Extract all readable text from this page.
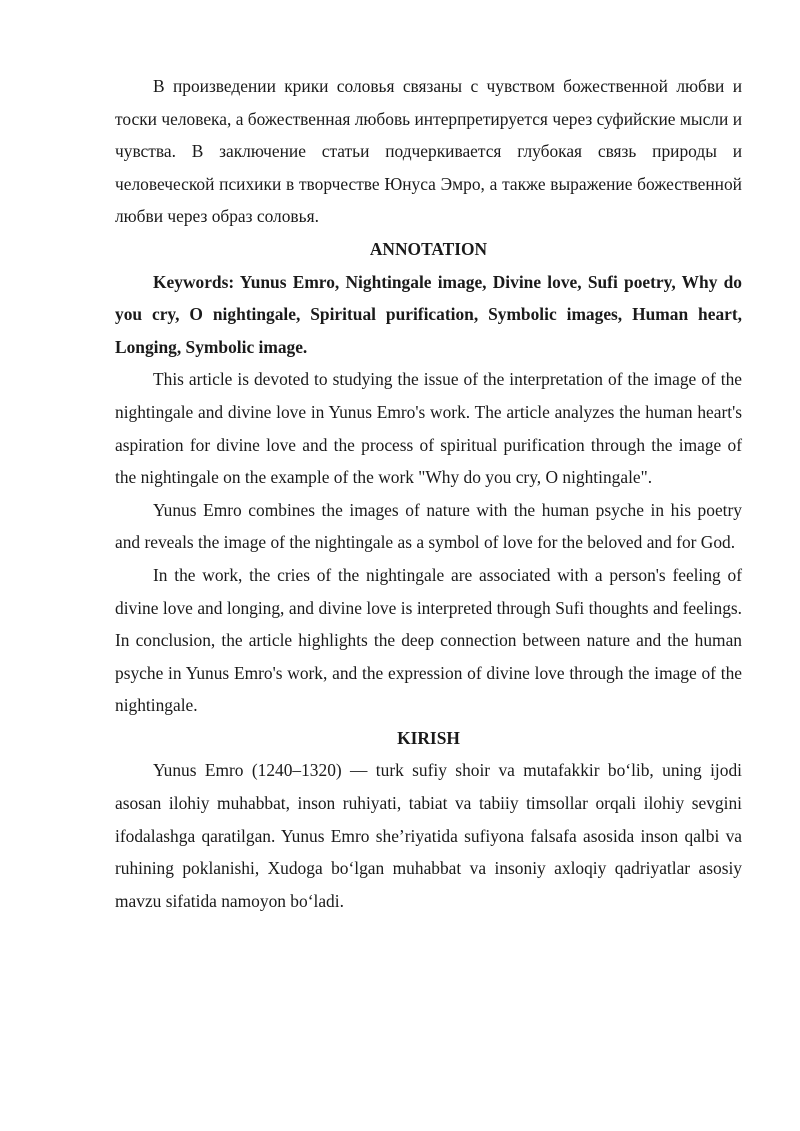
В произведении крики соловья связаны с чувством божественной любви и тоски человека, а божественная любовь интерпретируется через суфийские мысли и чувства. В заключение статьи подчеркивается глубокая связь природы и человеческой психики в творчестве Юнуса Эмро, а также выражение божественной любви через образ соловья.

ANNOTATION

Keywords: Yunus Emro, Nightingale image, Divine love, Sufi poetry, Why do you cry, O nightingale, Spiritual purification, Symbolic images, Human heart, Longing, Symbolic image.

This article is devoted to studying the issue of the interpretation of the image of the nightingale and divine love in Yunus Emro's work. The article analyzes the human heart's aspiration for divine love and the process of spiritual purification through the image of the nightingale on the example of the work "Why do you cry, O nightingale".

Yunus Emro combines the images of nature with the human psyche in his poetry and reveals the image of the nightingale as a symbol of love for the beloved and for God.

In the work, the cries of the nightingale are associated with a person's feeling of divine love and longing, and divine love is interpreted through Sufi thoughts and feelings. In conclusion, the article highlights the deep connection between nature and the human psyche in Yunus Emro's work, and the expression of divine love through the image of the nightingale.

KIRISH

Yunus Emro (1240–1320) — turk sufiy shoir va mutafakkir bo‘lib, uning ijodi asosan ilohiy muhabbat, inson ruhiyati, tabiat va tabiiy timsollar orqali ilohiy sevgini ifodalashga qaratilgan. Yunus Emro she’riyatida sufiyona falsafa asosida inson qalbi va ruhining poklanishi, Xudoga bo‘lgan muhabbat va insoniy axloqiy qadriyatlar asosiy mavzu sifatida namoyon bo‘ladi.
